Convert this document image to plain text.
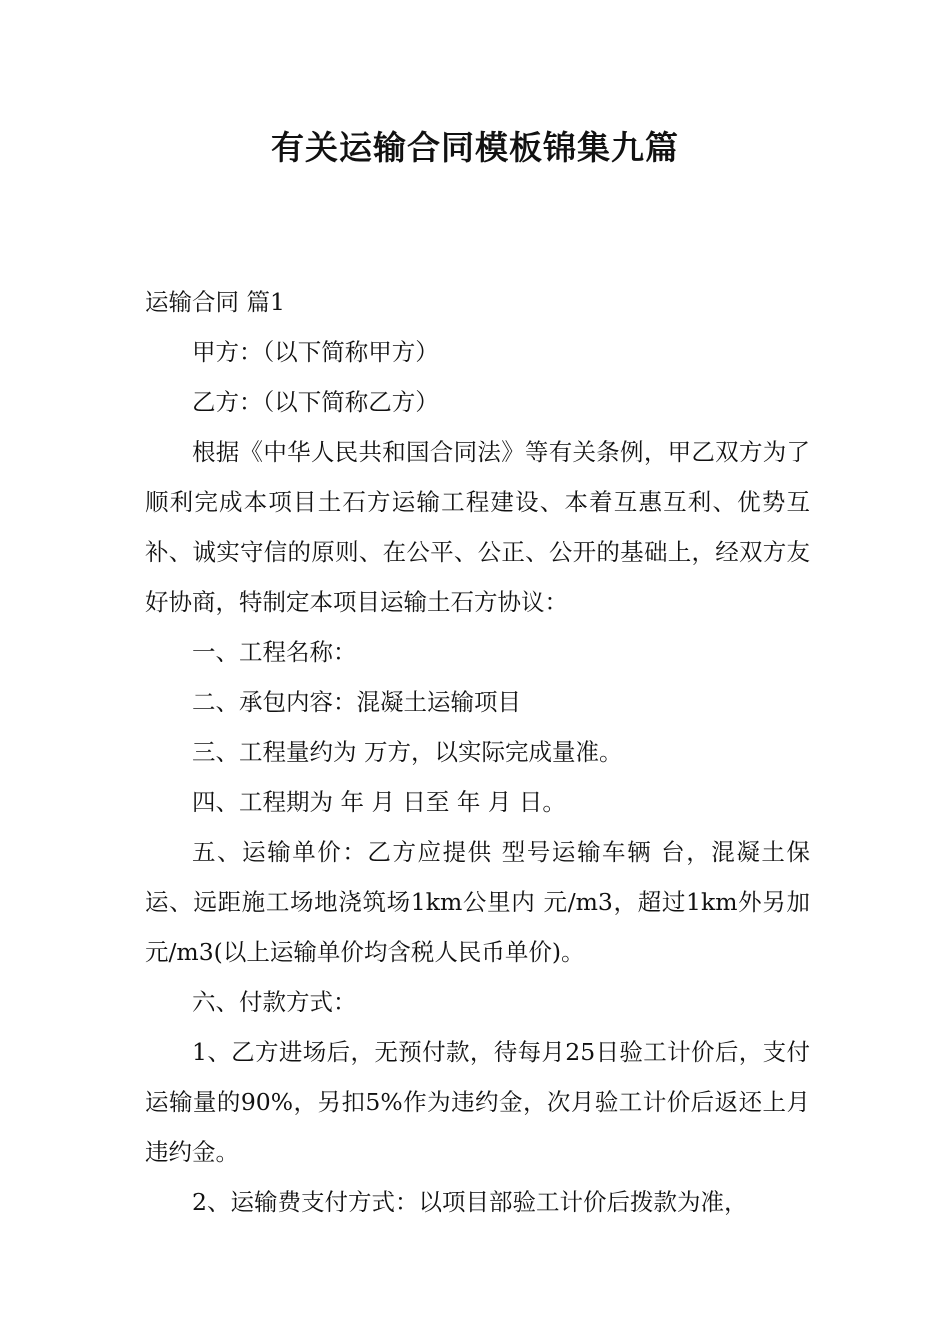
有关运输合同模板锦集九篇

运输合同 篇1

甲方：（以下简称甲方）

乙方：（以下简称乙方）

根据《中华人民共和国合同法》等有关条例，甲乙双方为了顺利完成本项目土石方运输工程建设、本着互惠互利、优势互补、诚实守信的原则、在公平、公正、公开的基础上，经双方友好协商，特制定本项目运输土石方协议：

一、工程名称：

二、承包内容：混凝土运输项目

三、工程量约为 万方，以实际完成量准。

四、工程期为 年 月 日至 年 月 日。

五、运输单价：乙方应提供 型号运输车辆 台，混凝土保运、远距施工场地浇筑场1km公里内 元/m3，超过1km外另加 元/m3(以上运输单价均含税人民币单价)。

六、付款方式：

1、乙方进场后，无预付款，待每月25日验工计价后，支付运输量的90%，另扣5%作为违约金，次月验工计价后返还上月违约金。

2、运输费支付方式：以项目部验工计价后拨款为准，
